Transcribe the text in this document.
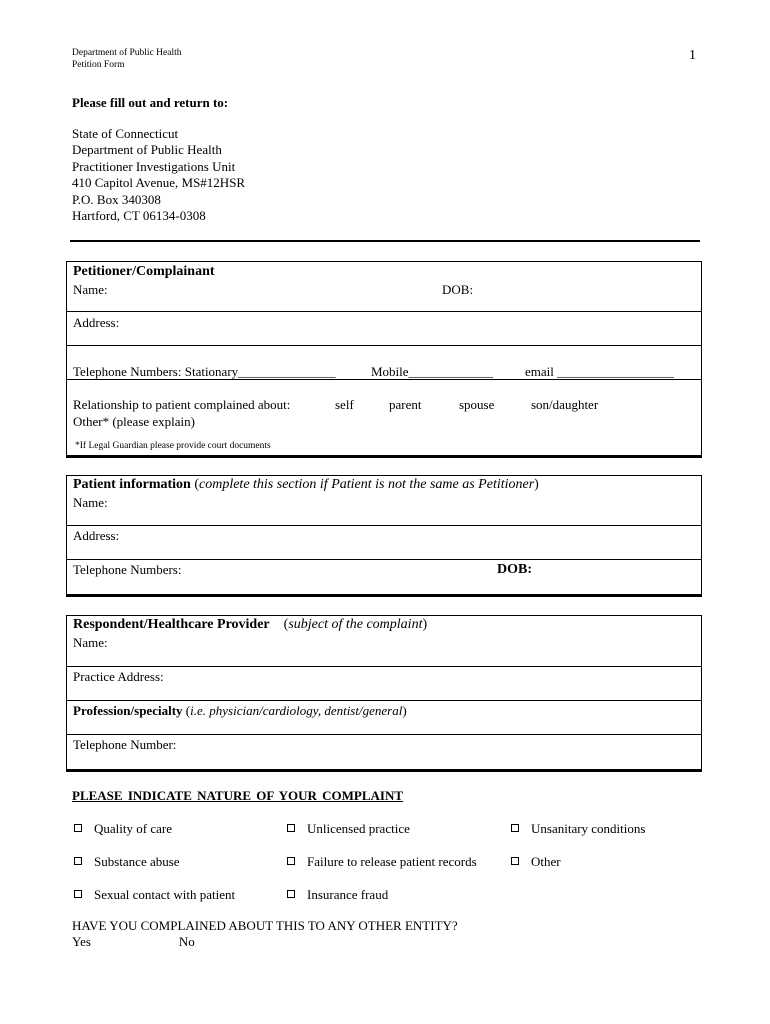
Department of Public Health
Petition Form
1
Please fill out and return to:
State of Connecticut
Department of Public Health
Practitioner Investigations Unit
410 Capitol Avenue, MS#12HSR
P.O. Box 340308
Hartford, CT 06134-0308
Petitioner/Complainant
Name:	DOB:
Address:
Telephone Numbers: Stationary_______________	Mobile_____________ email __________________
Relationship to patient complained about:	self	parent	spouse	son/daughter
Other* (please explain)
*If Legal Guardian please provide court documents
Patient information (complete this section if Patient is not the same as Petitioner)
Name:
Address:
Telephone Numbers:	DOB:
Respondent/Healthcare Provider (subject of the complaint)
Name:
Practice Address:
Profession/specialty (i.e. physician/cardiology, dentist/general)
Telephone Number:
PLEASE INDICATE NATURE OF YOUR COMPLAINT
Quality of care	Unlicensed practice	Unsanitary conditions
Substance abuse	Failure to release patient records	Other
Sexual contact with patient	Insurance fraud
HAVE YOU COMPLAINED ABOUT THIS TO ANY OTHER ENTITY?
Yes	No
